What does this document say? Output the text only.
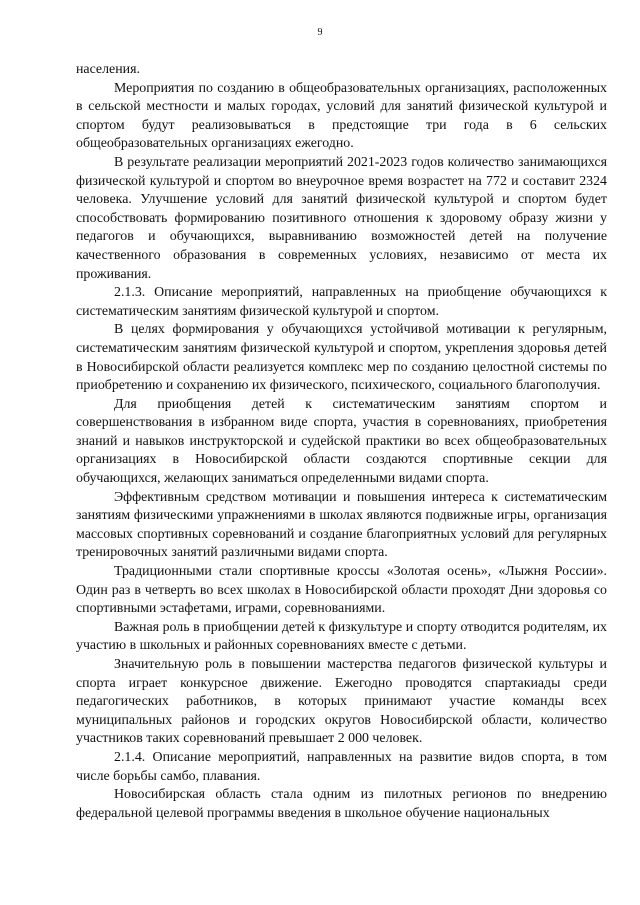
9

населения.

Мероприятия по созданию в общеобразовательных организациях, расположенных в сельской местности и малых городах, условий для занятий физической культурой и спортом будут реализовываться в предстоящие три года в 6 сельских общеобразовательных организациях ежегодно.

В результате реализации мероприятий 2021-2023 годов количество занимающихся физической культурой и спортом во внеурочное время возрастет на 772 и составит 2324 человека. Улучшение условий для занятий физической культурой и спортом будет способствовать формированию позитивного отношения к здоровому образу жизни у педагогов и обучающихся, выравниванию возможностей детей на получение качественного образования в современных условиях, независимо от места их проживания.

2.1.3. Описание мероприятий, направленных на приобщение обучающихся к систематическим занятиям физической культурой и спортом.

В целях формирования у обучающихся устойчивой мотивации к регулярным, систематическим занятиям физической культурой и спортом, укрепления здоровья детей в Новосибирской области реализуется комплекс мер по созданию целостной системы по приобретению и сохранению их физического, психического, социального благополучия.

Для приобщения детей к систематическим занятиям спортом и совершенствования в избранном виде спорта, участия в соревнованиях, приобретения знаний и навыков инструкторской и судейской практики во всех общеобразовательных организациях в Новосибирской области создаются спортивные секции для обучающихся, желающих заниматься определенными видами спорта.

Эффективным средством мотивации и повышения интереса к систематическим занятиям физическими упражнениями в школах являются подвижные игры, организация массовых спортивных соревнований и создание благоприятных условий для регулярных тренировочных занятий различными видами спорта.

Традиционными стали спортивные кроссы «Золотая осень», «Лыжня России». Один раз в четверть во всех школах в Новосибирской области проходят Дни здоровья со спортивными эстафетами, играми, соревнованиями.

Важная роль в приобщении детей к физкультуре и спорту отводится родителям, их участию в школьных и районных соревнованиях вместе с детьми.

Значительную роль в повышении мастерства педагогов физической культуры и спорта играет конкурсное движение. Ежегодно проводятся спартакиады среди педагогических работников, в которых принимают участие команды всех муниципальных районов и городских округов Новосибирской области, количество участников таких соревнований превышает 2 000 человек.

2.1.4. Описание мероприятий, направленных на развитие видов спорта, в том числе борьбы самбо, плавания.

Новосибирская область стала одним из пилотных регионов по внедрению федеральной целевой программы введения в школьное обучение национальных
